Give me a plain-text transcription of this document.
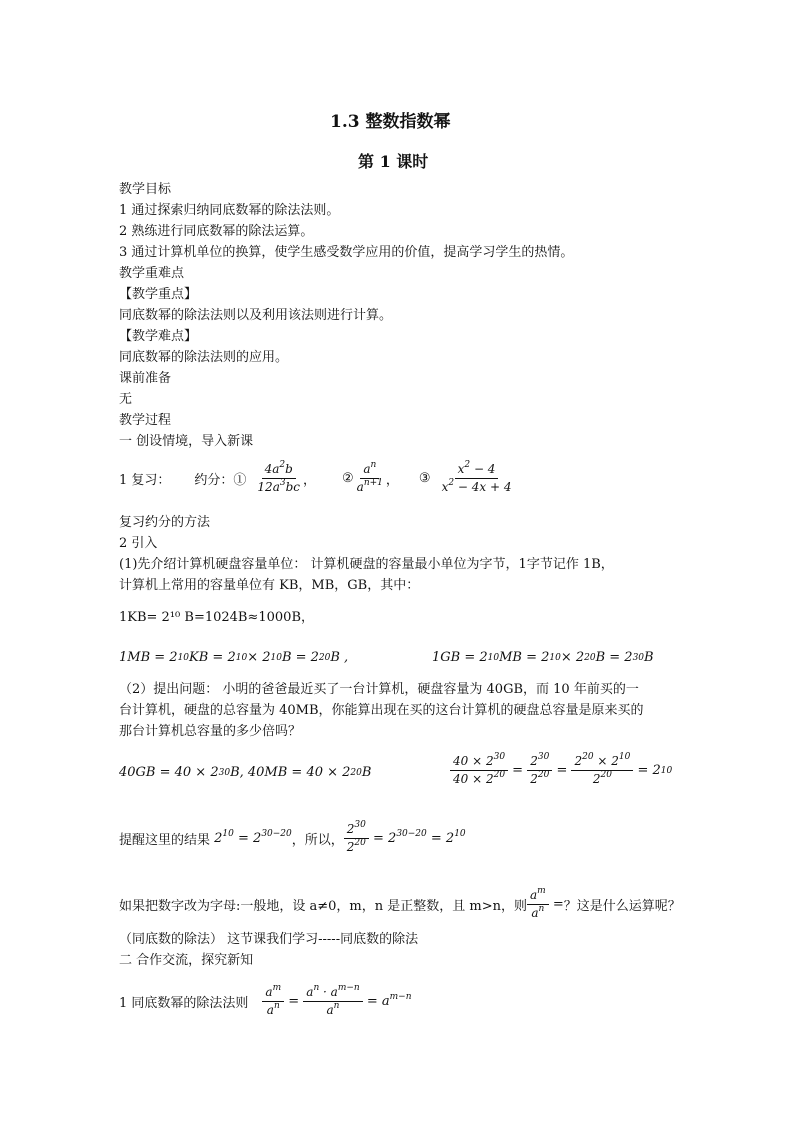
1.3 整数指数幂
第 1 课时
教学目标
1 通过探索归纳同底数幂的除法法则。
2 熟练进行同底数幂的除法运算。
3 通过计算机单位的换算，使学生感受数学应用的价值，提高学习学生的热情。
教学重难点
【教学重点】
同底数幂的除法法则以及利用该法则进行计算。
【教学难点】
同底数幂的除法法则的应用。
课前准备
无
教学过程
一 创设情境，导入新课
1 复习： 约分：① $\frac{4a^2b}{12a^3bc}$ ， ② $\frac{a^n}{a^{n+1}}$ ， ③ $\frac{x^2 - 4}{x^2 - 4x + 4}$
复习约分的方法
2 引入
(1)先介绍计算机硬盘容量单位： 计算机硬盘的容量最小单位为字节，1字节记作 1B，
计算机上常用的容量单位有 KB，MB，GB，其中：
1KB= 2¹⁰ B=1024B≈1000B，
1MB = 2 10 KB = 2 10 × 2 10 B = 2 20 B ,	1GB = 2 10 MB = 2 10 × 2 20 B = 2 30 B
（2）提出问题： 小明的爸爸最近买了一台计算机，硬盘容量为 40GB，而 10 年前买的一
台计算机，硬盘的总容量为 40MB，你能算出现在买的这台计算机的硬盘总容量是原来买的
那台计算机总容量的多少倍吗？
40GB = 40 × 2 30 B, 40MB = 40 × 2 20 B	$\frac{40 \times 2^{30}}{40 \times 2^{20}} = \frac{2^{30}}{2^{20}} = \frac{2^{20} \times 2^{10}}{2^{20}} = 2$ 10
提醒这里的结果 $2^{10} = 2^{30-20}$ ，所以， $\frac{2^{30}}{2^{20}} = 2^{30-20} = 2^{10}$
如果把数字改为字母:一般地，设 a≠0，m，n 是正整数，且 m>n，则 $\frac{a^m}{a^n}$ = ？这是什么运算呢？
（同底数的除法） 这节课我们学习-----同底数的除法
二 合作交流，探究新知
1 同底数幂的除法法则 $\frac{a^m}{a^n} = \frac{a^n \cdot a^{m-n}}{a^n} = a^{m-n}$
